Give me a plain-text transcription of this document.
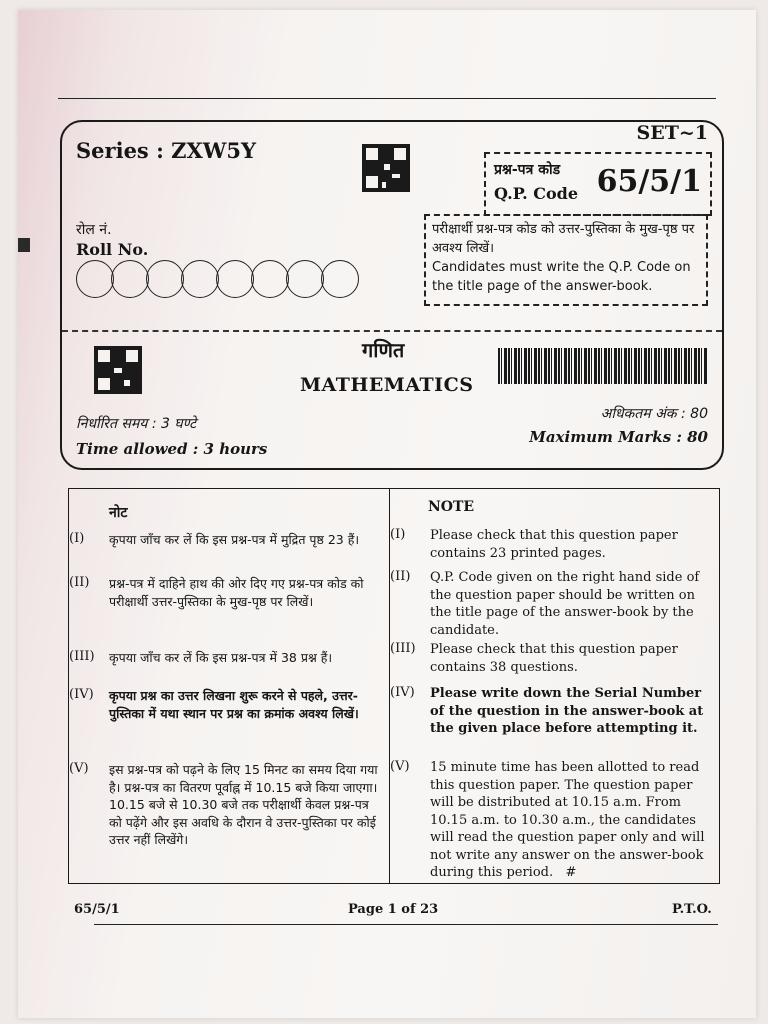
Series : ZXW5Y
SET~1
प्रश्न-पत्र कोड
Q.P. Code 65/5/1
रोल नं.
Roll No.
परीक्षार्थी प्रश्न-पत्र कोड को उत्तर-पुस्तिका के मुख-पृष्ठ पर अवश्य लिखें।
Candidates must write the Q.P. Code on the title page of the answer-book.
गणित
MATHEMATICS
निर्धारित समय : 3 घण्टे
Time allowed : 3 hours
अधिकतम अंक : 80
Maximum Marks : 80
नोट
(I) कृपया जाँच कर लें कि इस प्रश्न-पत्र में मुद्रित पृष्ठ 23 हैं।
(II) प्रश्न-पत्र में दाहिने हाथ की ओर दिए गए प्रश्न-पत्र कोड को परीक्षार्थी उत्तर-पुस्तिका के मुख-पृष्ठ पर लिखें।
(III) कृपया जाँच कर लें कि इस प्रश्न-पत्र में 38 प्रश्न हैं।
(IV) कृपया प्रश्न का उत्तर लिखना शुरू करने से पहले, उत्तर-पुस्तिका में यथा स्थान पर प्रश्न का क्रमांक अवश्य लिखें।
(V) इस प्रश्न-पत्र को पढ़ने के लिए 15 मिनट का समय दिया गया है। प्रश्न-पत्र का वितरण पूर्वाह्न में 10.15 बजे किया जाएगा। 10.15 बजे से 10.30 बजे तक परीक्षार्थी केवल प्रश्न-पत्र को पढ़ेंगे और इस अवधि के दौरान वे उत्तर-पुस्तिका पर कोई उत्तर नहीं लिखेंगे।
NOTE
(I) Please check that this question paper contains 23 printed pages.
(II) Q.P. Code given on the right hand side of the question paper should be written on the title page of the answer-book by the candidate.
(III) Please check that this question paper contains 38 questions.
(IV) Please write down the Serial Number of the question in the answer-book at the given place before attempting it.
(V) 15 minute time has been allotted to read this question paper. The question paper will be distributed at 10.15 a.m. From 10.15 a.m. to 10.30 a.m., the candidates will read the question paper only and will not write any answer on the answer-book during this period. #
65/5/1	Page 1 of 23	P.T.O.
